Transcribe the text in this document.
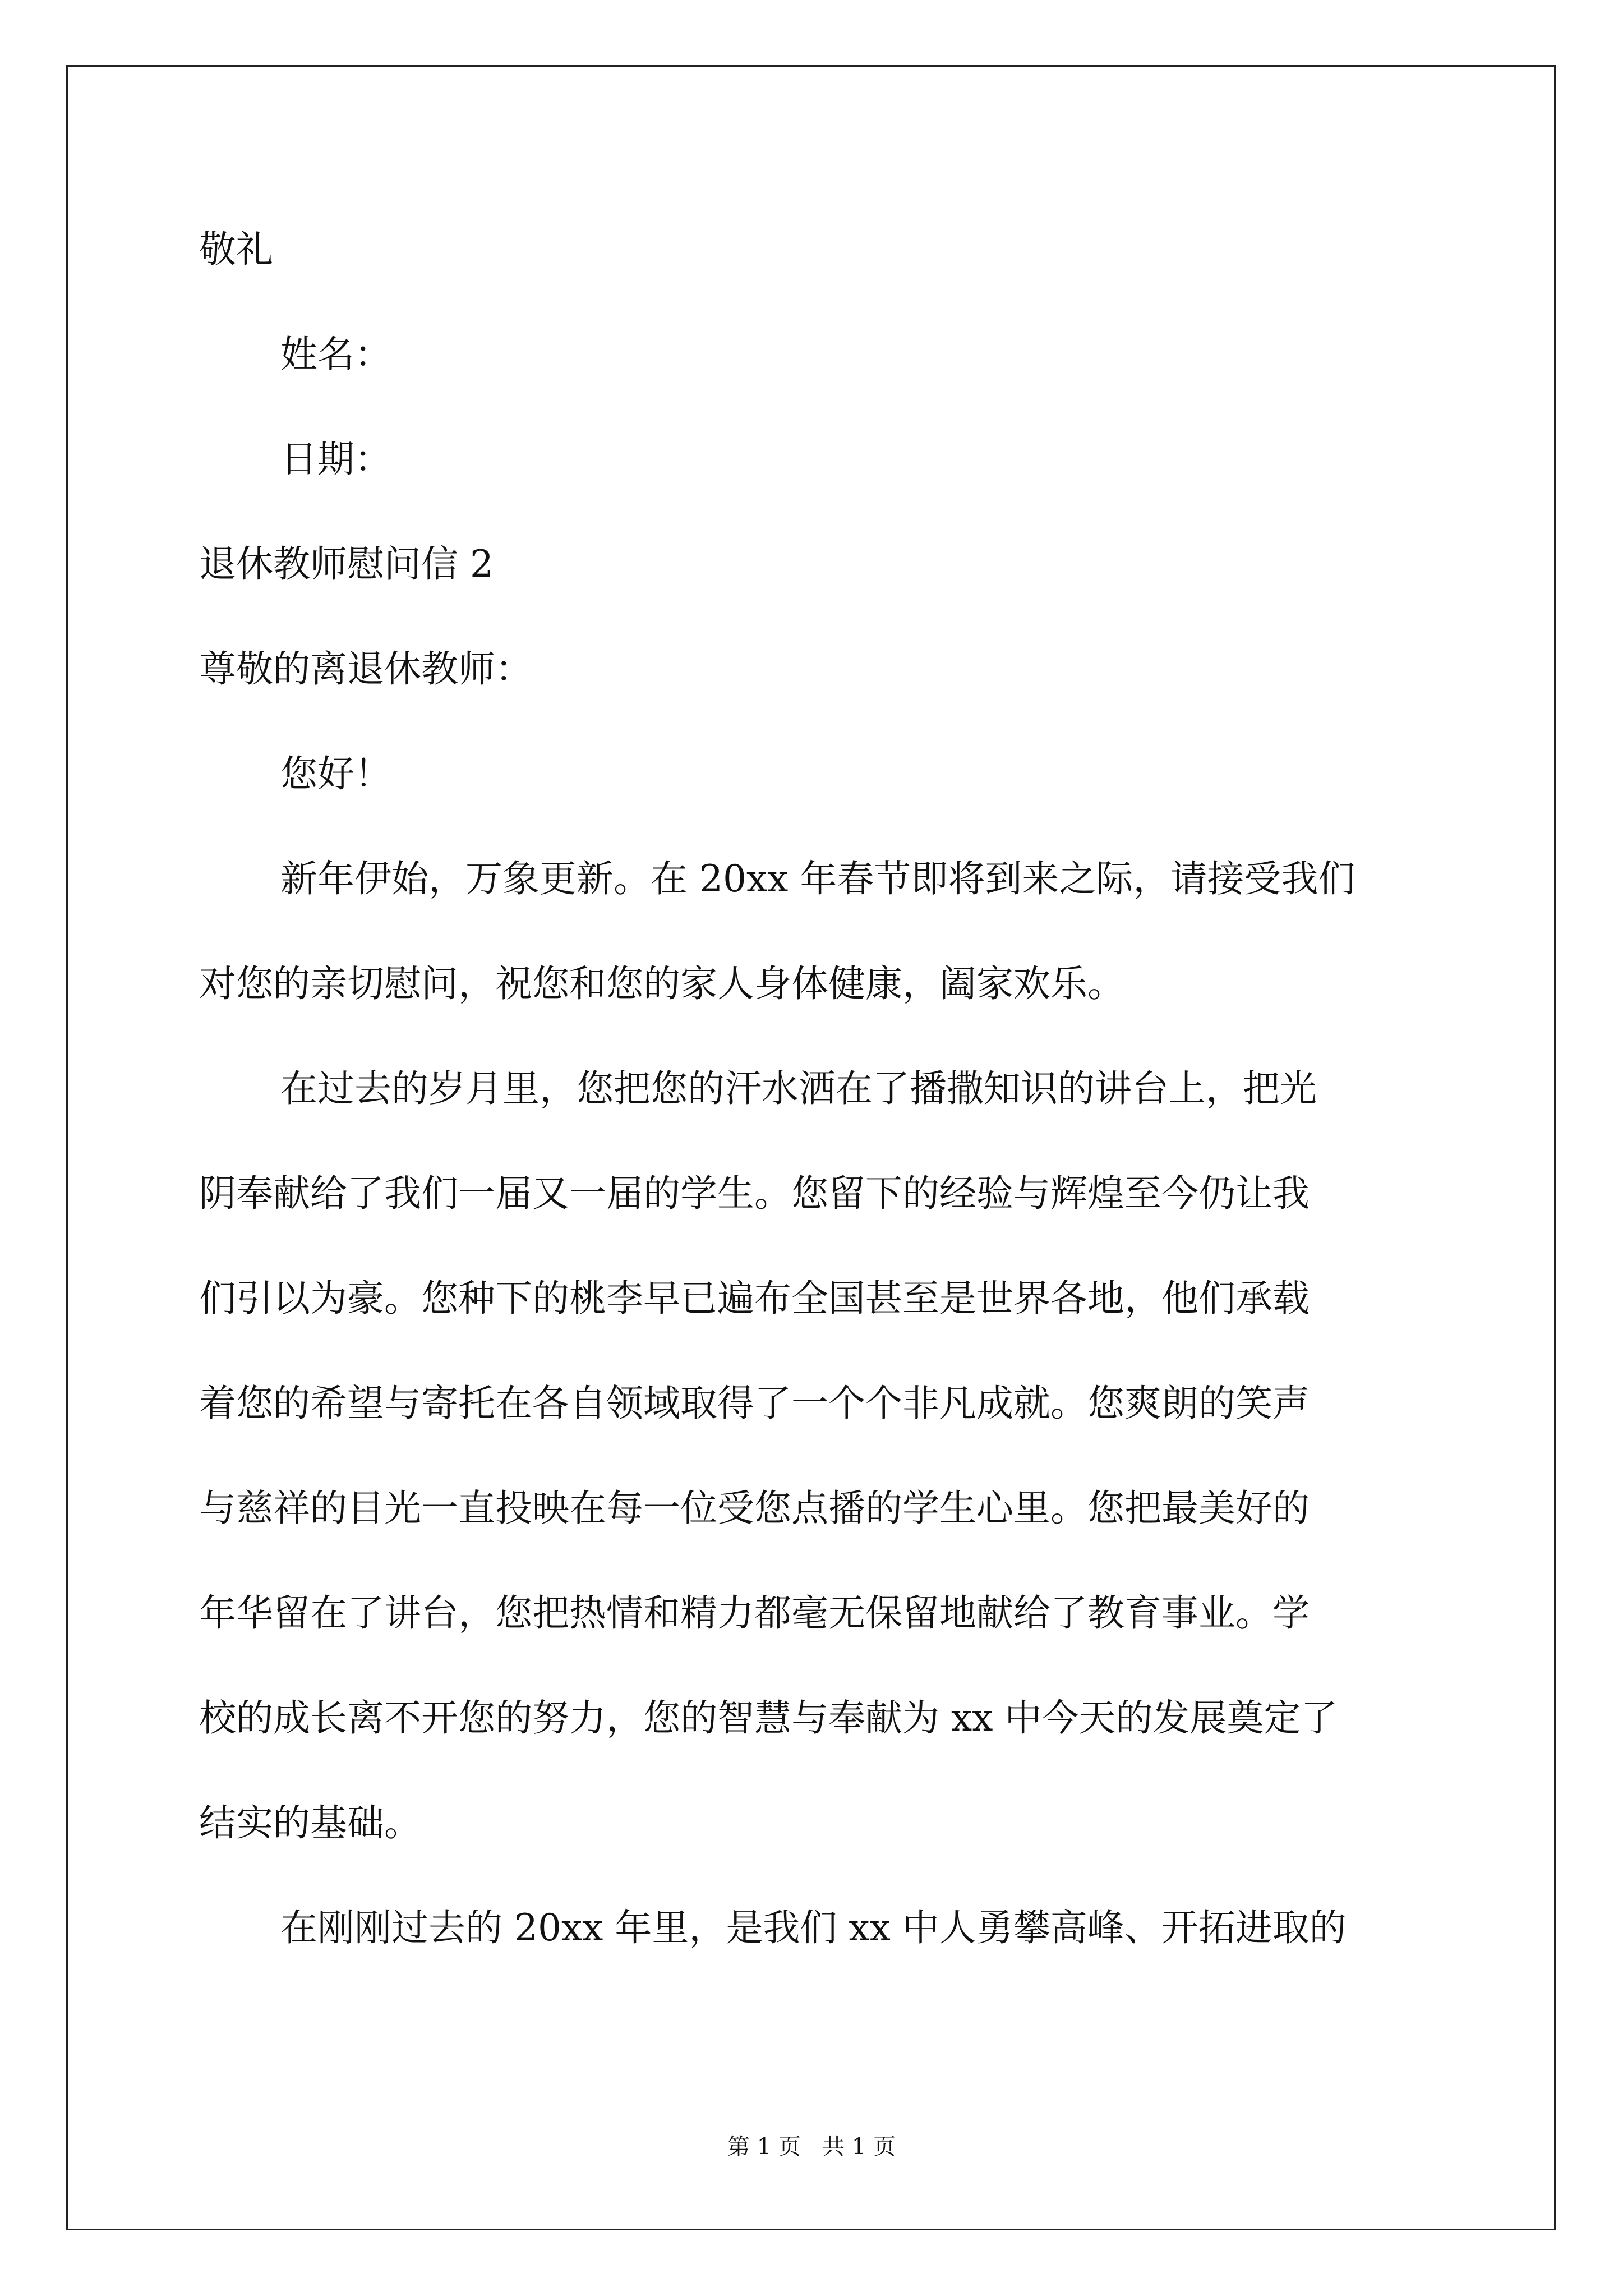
敬礼
姓名：
日期：
退休教师慰问信 2
尊敬的离退休教师：
您好！
新年伊始，万象更新。在 20xx 年春节即将到来之际，请接受我们
对您的亲切慰问，祝您和您的家人身体健康，阖家欢乐。
在过去的岁月里，您把您的汗水洒在了播撒知识的讲台上，把光
阴奉献给了我们一届又一届的学生。您留下的经验与辉煌至今仍让我
们引以为豪。您种下的桃李早已遍布全国甚至是世界各地，他们承载
着您的希望与寄托在各自领域取得了一个个非凡成就。您爽朗的笑声
与慈祥的目光一直投映在每一位受您点播的学生心里。您把最美好的
年华留在了讲台，您把热情和精力都毫无保留地献给了教育事业。学
校的成长离不开您的努力，您的智慧与奉献为 xx 中今天的发展奠定了
结实的基础。
在刚刚过去的 20xx 年里，是我们 xx 中人勇攀高峰、开拓进取的
第 1 页   共 1 页
